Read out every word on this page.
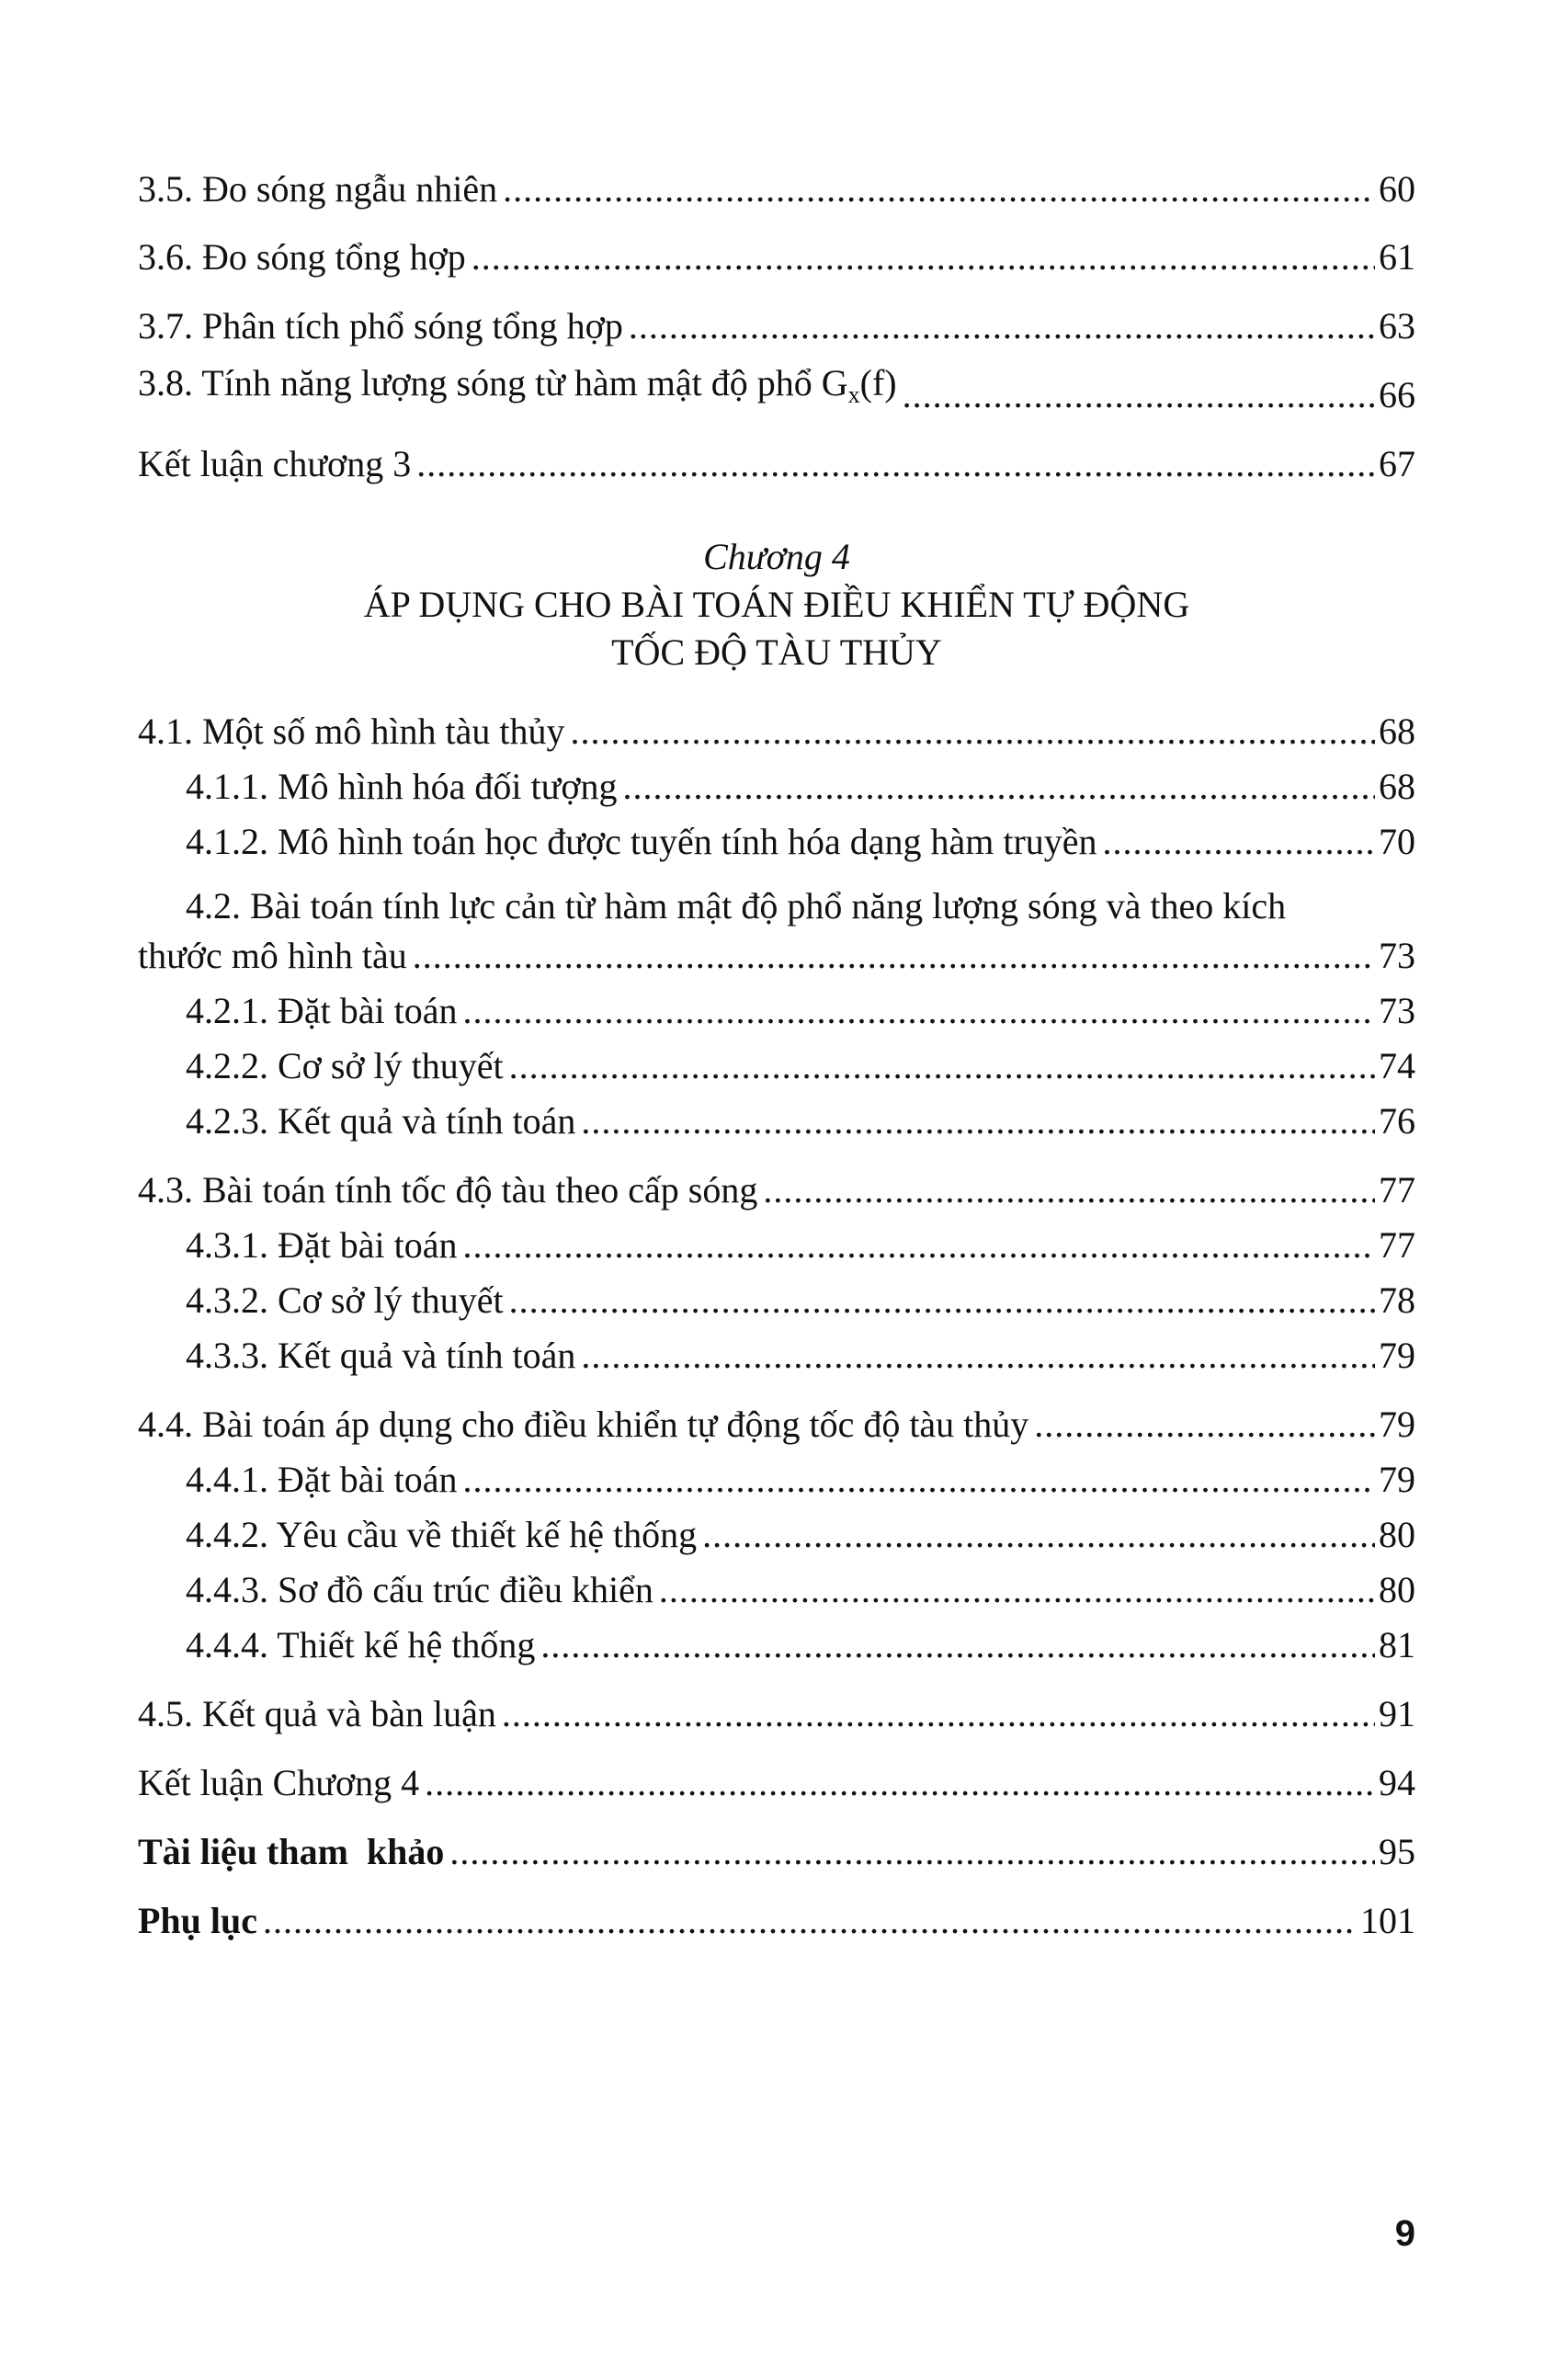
3.5. Đo sóng ngẫu nhiên .....	60
3.6. Đo sóng tổng hợp .....	61
3.7. Phân tích phổ sóng tổng hợp .....	63
3.8. Tính năng lượng sóng từ hàm mật độ phổ $G_x(f)$ .....	66
Kết luận chương 3 .....	67
Chương 4
ÁP DỤNG CHO BÀI TOÁN ĐIỀU KHIỂN TỰ ĐỘNG
TỐC ĐỘ TÀU THỦY
4.1. Một số mô hình tàu thủy .....	68
4.1.1. Mô hình hóa đối tượng .....	68
4.1.2. Mô hình toán học được tuyến tính hóa dạng hàm truyền .....	70
4.2. Bài toán tính lực cản từ hàm mật độ phổ năng lượng sóng và theo kích
thước mô hình tàu .....	73
4.2.1. Đặt bài toán .....	73
4.2.2. Cơ sở lý thuyết .....	74
4.2.3. Kết quả và tính toán .....	76
4.3. Bài toán tính tốc độ tàu theo cấp sóng .....	77
4.3.1. Đặt bài toán .....	77
4.3.2. Cơ sở lý thuyết .....	78
4.3.3. Kết quả và tính toán .....	79
4.4. Bài toán áp dụng cho điều khiển tự động tốc độ tàu thủy .....	79
4.4.1. Đặt bài toán .....	79
4.4.2. Yêu cầu về thiết kế hệ thống .....	80
4.4.3. Sơ đồ cấu trúc điều khiển .....	80
4.4.4. Thiết kế hệ thống .....	81
4.5. Kết quả và bàn luận .....	91
Kết luận Chương 4 .....	94
Tài liệu tham  khảo .....	95
Phụ lục .....	101
9
